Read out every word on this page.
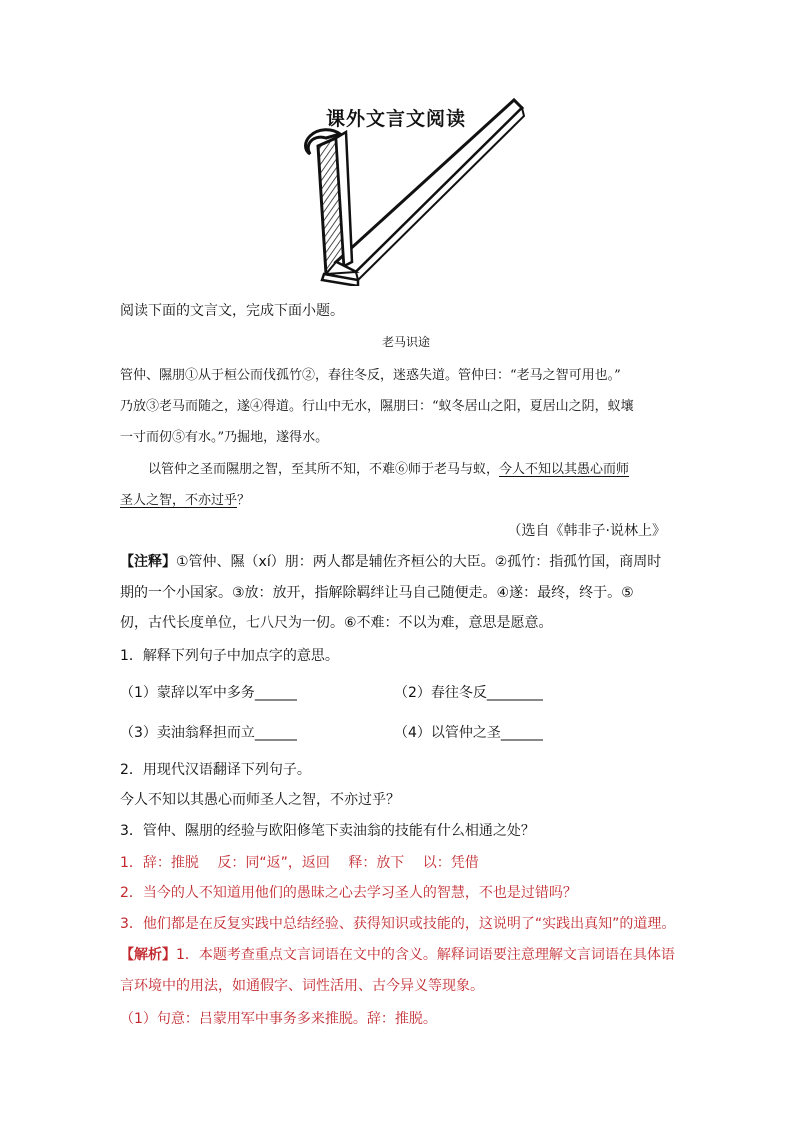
课外文言文阅读
阅读下面的文言文，完成下面小题。
老马识途
管仲、隰朋①从于桓公而伐孤竹②，春往冬反，迷惑失道。管仲曰：“老马之智可用也。”
乃放③老马而随之，遂④得道。行山中无水，隰朋曰：“蚁冬居山之阳，夏居山之阴，蚁壤
一寸而仞⑤有水。”乃掘地，遂得水。
以管仲之圣而隰朋之智，至其所不知，不难⑥师于老马与蚁，今人不知以其愚心而师
圣人之智，不亦过乎？
（选自《韩非子·说林上》
【注释】①管仲、隰（xí）朋：两人都是辅佐齐桓公的大臣。②孤竹：指孤竹国，商周时
期的一个小国家。③放：放开，指解除羁绊让马自己随便走。④遂：最终，终于。⑤
仞，古代长度单位，七八尺为一仞。⑥不难：不以为难，意思是愿意。
1．解释下列句子中加点字的意思。
（1）蒙辞以军中多务______	（2）春往冬反________
（3）卖油翁释担而立______	（4）以管仲之圣______
2．用现代汉语翻译下列句子。
今人不知以其愚心而师圣人之智，不亦过乎？
3．管仲、隰朋的经验与欧阳修笔下卖油翁的技能有什么相通之处？
1．辞：推脱　 反：同“返”，返回　 释：放下　 以：凭借
2．当今的人不知道用他们的愚昧之心去学习圣人的智慧，不也是过错吗？
3．他们都是在反复实践中总结经验、获得知识或技能的，这说明了“实践出真知”的道理。
【解析】1．本题考查重点文言词语在文中的含义。解释词语要注意理解文言词语在具体语
言环境中的用法，如通假字、词性活用、古今异义等现象。
（1）句意：吕蒙用军中事务多来推脱。辞：推脱。
